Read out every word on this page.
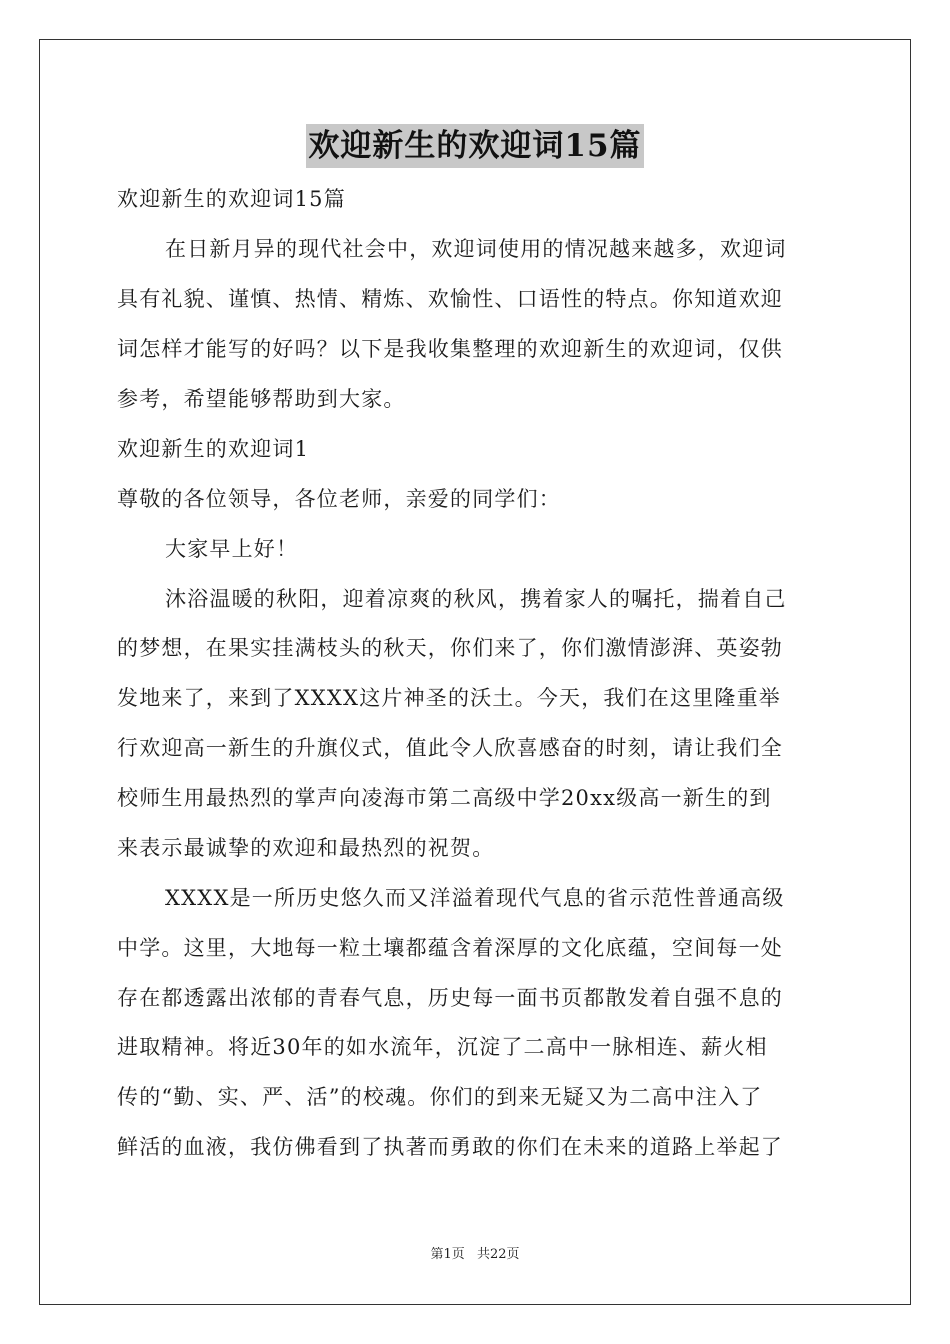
欢迎新生的欢迎词15篇
欢迎新生的欢迎词15篇
在日新月异的现代社会中，欢迎词使用的情况越来越多，欢迎词
具有礼貌、谨慎、热情、精炼、欢愉性、口语性的特点。你知道欢迎
词怎样才能写的好吗？以下是我收集整理的欢迎新生的欢迎词，仅供
参考，希望能够帮助到大家。
欢迎新生的欢迎词1
尊敬的各位领导，各位老师，亲爱的同学们：
大家早上好！
沐浴温暖的秋阳，迎着凉爽的秋风，携着家人的嘱托，揣着自己
的梦想，在果实挂满枝头的秋天，你们来了，你们激情澎湃、英姿勃
发地来了，来到了XXXX这片神圣的沃土。今天，我们在这里隆重举
行欢迎高一新生的升旗仪式，值此令人欣喜感奋的时刻，请让我们全
校师生用最热烈的掌声向凌海市第二高级中学20xx级高一新生的到
来表示最诚挚的欢迎和最热烈的祝贺。
XXXX是一所历史悠久而又洋溢着现代气息的省示范性普通高级
中学。这里，大地每一粒土壤都蕴含着深厚的文化底蕴，空间每一处
存在都透露出浓郁的青春气息，历史每一面书页都散发着自强不息的
进取精神。将近30年的如水流年，沉淀了二高中一脉相连、薪火相
传的“勤、实、严、活”的校魂。你们的到来无疑又为二高中注入了
鲜活的血液，我仿佛看到了执著而勇敢的你们在未来的道路上举起了
第1页 共22页
